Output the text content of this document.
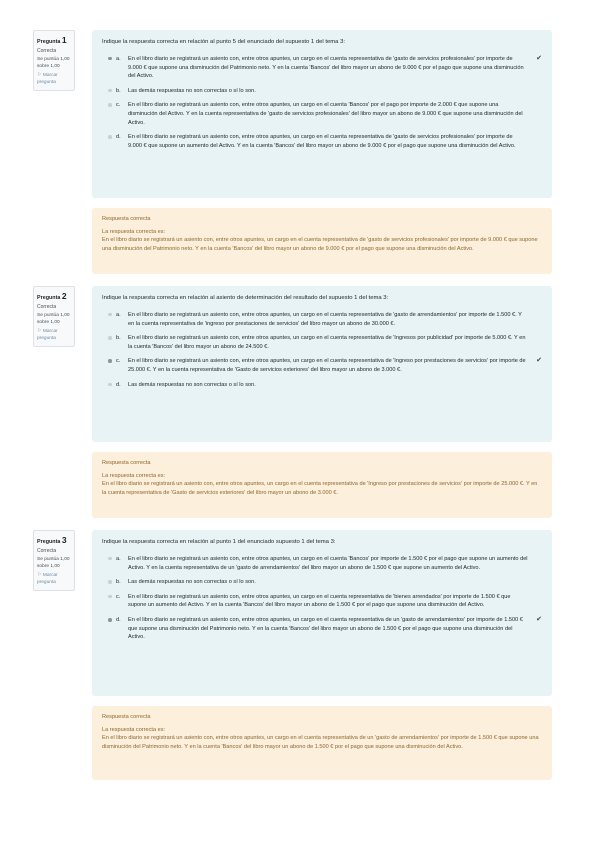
Pregunta 1
Correcta
Se puntúa 1,00 sobre 1,00
⚐ Marcar pregunta
Indique la respuesta correcta en relación al punto 5 del enunciado del supuesto 1 del tema 3:
a. En el libro diario se registrará un asiento con, entre otros apuntes, un cargo en el cuenta representativa de 'gasto de servicios profesionales' por importe de 9.000 € que supone una disminución del Patrimonio neto. Y en la cuenta 'Bancos' del libro mayor un abono de 9.000 € por el pago que supone una disminución del Activo.
✔
b. Las demás respuestas no son correctas o sí lo son.
c. En el libro diario se registrará un asiento con, entre otros apuntes, un cargo en el cuenta 'Bancos' por el pago por importe de 2.000 € que supone una disminución del Activo. Y en la cuenta representativa de 'gasto de servicios profesionales' del libro mayor un abono de 9.000 € que supone una disminución del Activo.
d. En el libro diario se registrará un asiento con, entre otros apuntes, un cargo en el cuenta representativa de 'gasto de servicios profesionales' por importe de 9.000 € que supone un aumento del Activo. Y en la cuenta 'Bancos' del libro mayor un abono de 9.000 € por el pago que supone una disminución del Activo.
Respuesta correcta
La respuesta correcta es:
En el libro diario se registrará un asiento con, entre otros apuntes, un cargo en el cuenta representativa de 'gasto de servicios profesionales' por importe de 9.000 € que supone una disminución del Patrimonio neto. Y en la cuenta 'Bancos' del libro mayor un abono de 9.000 € por el pago que supone una disminución del Activo.
Pregunta 2
Correcta
Se puntúa 1,00 sobre 1,00
⚐ Marcar pregunta
Indique la respuesta correcta en relación al asiento de determinación del resultado del supuesto 1 del tema 3:
a. En el libro diario se registrará un asiento con, entre otros apuntes, un cargo en el cuenta representativa de 'gasto de arrendamientos' por importe de 1.500 €. Y en la cuenta representativa de 'ingreso por prestaciones de servicios' del libro mayor un abono de 30.000 €.
b. En el libro diario se registrará un asiento con, entre otros apuntes, un cargo en el cuenta representativa de 'Ingresos por publicidad' por importe de 5.000 €. Y en la cuenta 'Bancos' del libro mayor un abono de 24.500 €.
c. En el libro diario se registrará un asiento con, entre otros apuntes, un cargo en el cuenta representativa de 'Ingreso por prestaciones de servicios' por importe de 25.000 €. Y en la cuenta representativa de 'Gasto de servicios exteriores' del libro mayor un abono de 3.000 €.
✔
d. Las demás respuestas no son correctas o sí lo son.
Respuesta correcta
La respuesta correcta es:
En el libro diario se registrará un asiento con, entre otros apuntes, un cargo en el cuenta representativa de 'Ingreso por prestaciones de servicios' por importe de 25.000 €. Y en la cuenta representativa de 'Gasto de servicios exteriores' del libro mayor un abono de 3.000 €.
Pregunta 3
Correcta
Se puntúa 1,00 sobre 1,00
⚐ Marcar pregunta
Indique la respuesta correcta en relación al punto 1 del enunciado supuesto 1 del tema 3:
a. En el libro diario se registrará un asiento con, entre otros apuntes, un cargo en el cuenta 'Bancos' por importe de 1.500 € por el pago que supone un aumento del Activo. Y en la cuenta representativa de un 'gasto de arrendamientos' del libro mayor un abono de 1.500 € que supone un aumento del Activo.
b. Las demás respuestas no son correctas o sí lo son.
c. En el libro diario se registrará un asiento con, entre otros apuntes, un cargo en el cuenta representativa de 'bienes arrendados' por importe de 1.500 € que supone un aumento del Activo. Y en la cuenta 'Bancos' del libro mayor un abono de 1.500 € por el pago que supone una disminución del Activo.
d. En el libro diario se registrará un asiento con, entre otros apuntes, un cargo en el cuenta representativa de un 'gasto de arrendamientos' por importe de 1.500 € que supone una disminución del Patrimonio neto. Y en la cuenta 'Bancos' del libro mayor un abono de 1.500 € por el pago que supone una disminución del Activo.
✔
Respuesta correcta
La respuesta correcta es:
En el libro diario se registrará un asiento con, entre otros apuntes, un cargo en el cuenta representativa de un 'gasto de arrendamientos' por importe de 1.500 € que supone una disminución del Patrimonio neto. Y en la cuenta 'Bancos' del libro mayor un abono de 1.500 € por el pago que supone una disminución del Activo.
